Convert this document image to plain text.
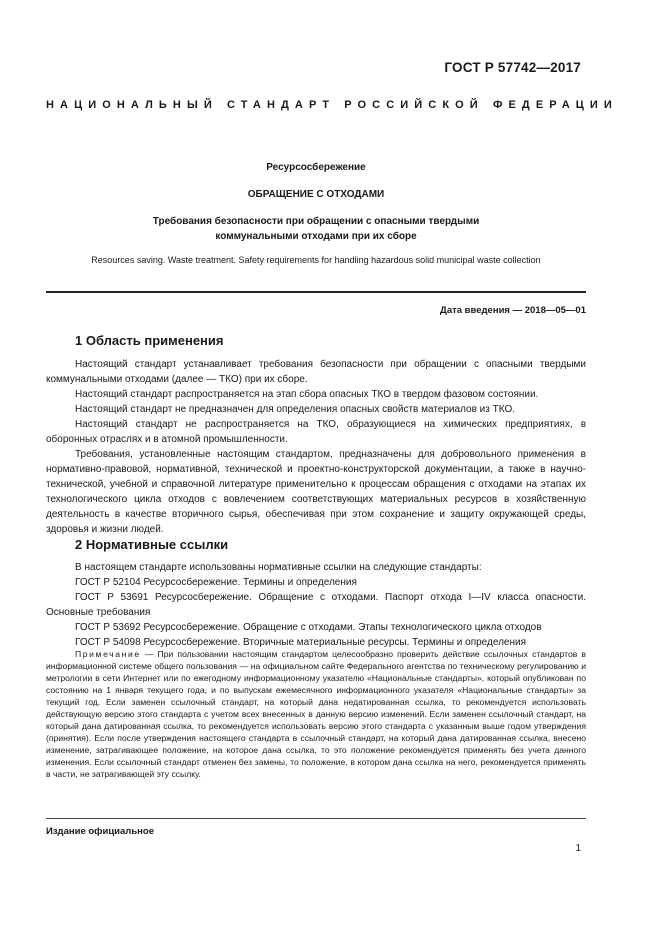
ГОСТ Р 57742—2017
НАЦИОНАЛЬНЫЙ СТАНДАРТ РОССИЙСКОЙ ФЕДЕРАЦИИ
Ресурсосбережение
ОБРАЩЕНИЕ С ОТХОДАМИ
Требования безопасности при обращении с опасными твердыми
коммунальными отходами при их сборе
Resources saving. Waste treatment. Safety requirements for handling hazardous solid municipal waste collection
Дата введения — 2018—05—01
1 Область применения

Настоящий стандарт устанавливает требования безопасности при обращении с опасными твердыми коммунальными отходами (далее — ТКО) при их сборе.

Настоящий стандарт распространяется на этап сбора опасных ТКО в твердом фазовом состоянии.

Настоящий стандарт не предназначен для определения опасных свойств материалов из ТКО.

Настоящий стандарт не распространяется на ТКО, образующиеся на химических предприятиях, в оборонных отраслях и в атомной промышленности.

Требования, установленные настоящим стандартом, предназначены для добровольного применения в нормативно-правовой, нормативной, технической и проектно-конструкторской документации, а также в научно-технической, учебной и справочной литературе применительно к процессам обращения с отходами на этапах их технологического цикла отходов с вовлечением соответствующих материальных ресурсов в хозяйственную деятельность в качестве вторичного сырья, обеспечивая при этом сохранение и защиту окружающей среды, здоровья и жизни людей.

2 Нормативные ссылки

В настоящем стандарте использованы нормативные ссылки на следующие стандарты:

ГОСТ Р 52104 Ресурсосбережение. Термины и определения

ГОСТ Р 53691 Ресурсосбережение. Обращение с отходами. Паспорт отхода I—IV класса опасности. Основные требования

ГОСТ Р 53692 Ресурсосбережение. Обращение с отходами. Этапы технологического цикла отходов

ГОСТ Р 54098 Ресурсосбережение. Вторичные материальные ресурсы. Термины и определения

Примечание — При пользовании настоящим стандартом целесообразно проверить действие ссылочных стандартов в информационной системе общего пользования — на официальном сайте Федерального агентства по техническому регулированию и метрологии в сети Интернет или по ежегодному информационному указателю «Национальные стандарты», который опубликован по состоянию на 1 января текущего года, и по выпускам ежемесячного информационного указателя «Национальные стандарты» за текущий год. Если заменен ссылочный стандарт, на который дана недатированная ссылка, то рекомендуется использовать действующую версию этого стандарта с учетом всех внесенных в данную версию изменений. Если заменен ссылочный стандарт, на который дана датированная ссылка, то рекомендуется использовать версию этого стандарта с указанным выше годом утверждения (принятия). Если после утверждения настоящего стандарта в ссылочный стандарт, на который дана датированная ссылка, внесено изменение, затрагивающее положение, на которое дана ссылка, то это положение рекомендуется применять без учета данного изменения. Если ссылочный стандарт отменен без замены, то положение, в котором дана ссылка на него, рекомендуется применять в части, не затрагивающей эту ссылку.
Издание официальное
1
